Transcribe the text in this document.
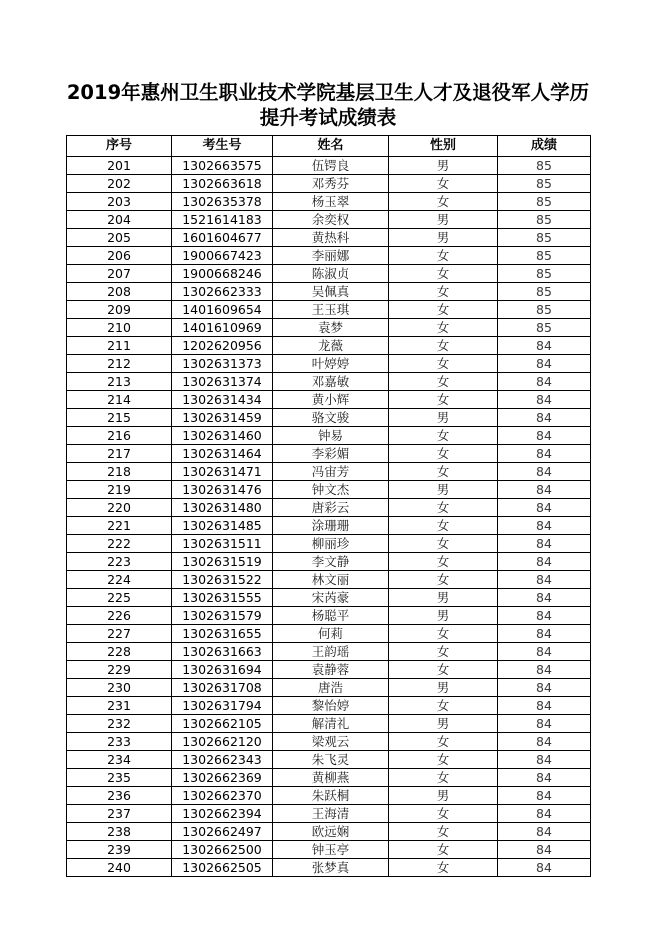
2019年惠州卫生职业技术学院基层卫生人才及退役军人学历
提升考试成绩表
序号	考生号	姓名	性别	成绩
201	1302663575	伍锷良	男	85
202	1302663618	邓秀芬	女	85
203	1302635378	杨玉翠	女	85
204	1521614183	余奕权	男	85
205	1601604677	黄热科	男	85
206	1900667423	李丽娜	女	85
207	1900668246	陈淑贞	女	85
208	1302662333	吴佩真	女	85
209	1401609654	王玉琪	女	85
210	1401610969	袁梦	女	85
211	1202620956	龙薇	女	84
212	1302631373	叶婷婷	女	84
213	1302631374	邓嘉敏	女	84
214	1302631434	黄小辉	女	84
215	1302631459	骆文骏	男	84
216	1302631460	钟易	女	84
217	1302631464	李彩媚	女	84
218	1302631471	冯宙芳	女	84
219	1302631476	钟文杰	男	84
220	1302631480	唐彩云	女	84
221	1302631485	涂珊珊	女	84
222	1302631511	柳丽珍	女	84
223	1302631519	李文静	女	84
224	1302631522	林文丽	女	84
225	1302631555	宋芮豪	男	84
226	1302631579	杨聪平	男	84
227	1302631655	何莉	女	84
228	1302631663	王韵瑶	女	84
229	1302631694	袁静蓉	女	84
230	1302631708	唐浩	男	84
231	1302631794	黎怡婷	女	84
232	1302662105	解清礼	男	84
233	1302662120	梁观云	女	84
234	1302662343	朱飞灵	女	84
235	1302662369	黄柳燕	女	84
236	1302662370	朱跃桐	男	84
237	1302662394	王海清	女	84
238	1302662497	欧远娴	女	84
239	1302662500	钟玉亭	女	84
240	1302662505	张梦真	女	84
